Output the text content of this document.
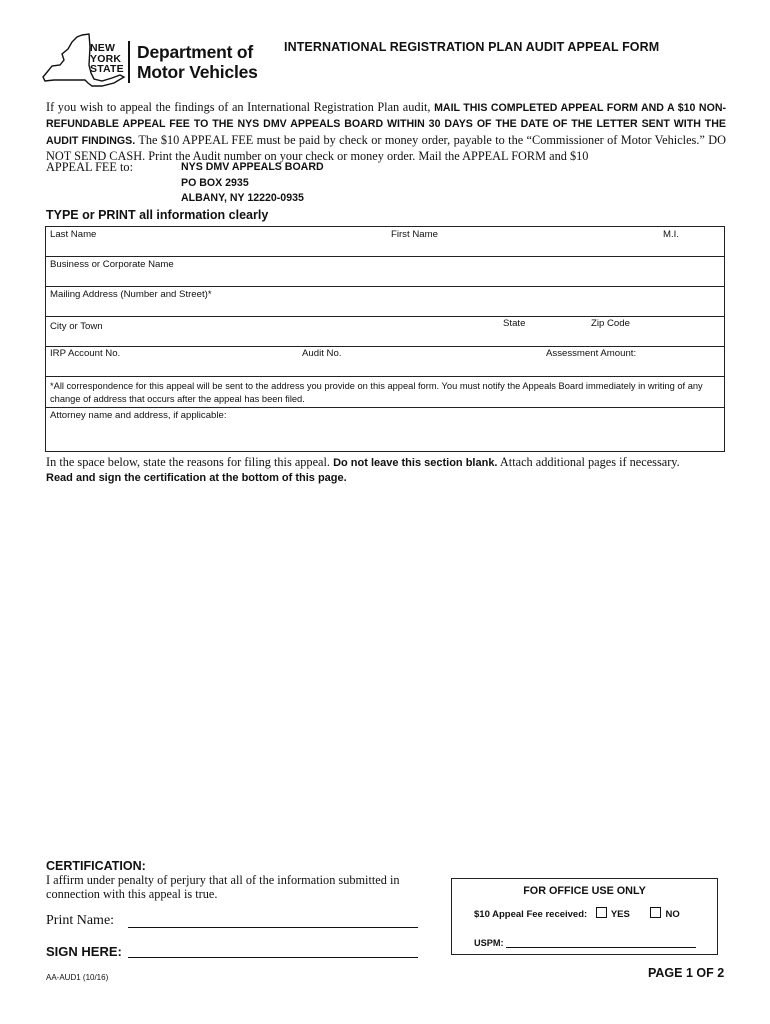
NEW
YORK
STATE
Department of
Motor Vehicles
INTERNATIONAL REGISTRATION PLAN AUDIT APPEAL FORM
If you wish to appeal the findings of an International Registration Plan audit, MAIL THIS COMPLETED APPEAL FORM AND A $10 NON-REFUNDABLE APPEAL FEE TO THE NYS DMV APPEALS BOARD WITHIN 30 DAYS OF THE DATE OF THE LETTER SENT WITH THE AUDIT FINDINGS. The $10 APPEAL FEE must be paid by check or money order, payable to the “Commissioner of Motor Vehicles.” DO NOT SEND CASH. Print the Audit number on your check or money order. Mail the APPEAL FORM and $10
APPEAL FEE to:	NYS DMV APPEALS BOARD
PO BOX 2935
ALBANY, NY 12220-0935
TYPE or PRINT all information clearly
Last Name	First Name	M.I.
Business or Corporate Name
Mailing Address (Number and Street)*
City or Town	State	Zip Code
IRP Account No.	Audit No.	Assessment Amount:
*All correspondence for this appeal will be sent to the address you provide on this appeal form. You must notify the Appeals Board immediately in writing of any change of address that occurs after the appeal has been filed.
Attorney name and address, if applicable:
In the space below, state the reasons for filing this appeal. Do not leave this section blank. Attach additional pages if necessary.
Read and sign the certification at the bottom of this page.
CERTIFICATION:
I affirm under penalty of perjury that all of the information submitted in connection with this appeal is true.
Print Name:
SIGN HERE:
AA-AUD1 (10/16)
FOR OFFICE USE ONLY
$10 Appeal Fee received: YES	NO
USPM:
PAGE 1 OF 2
